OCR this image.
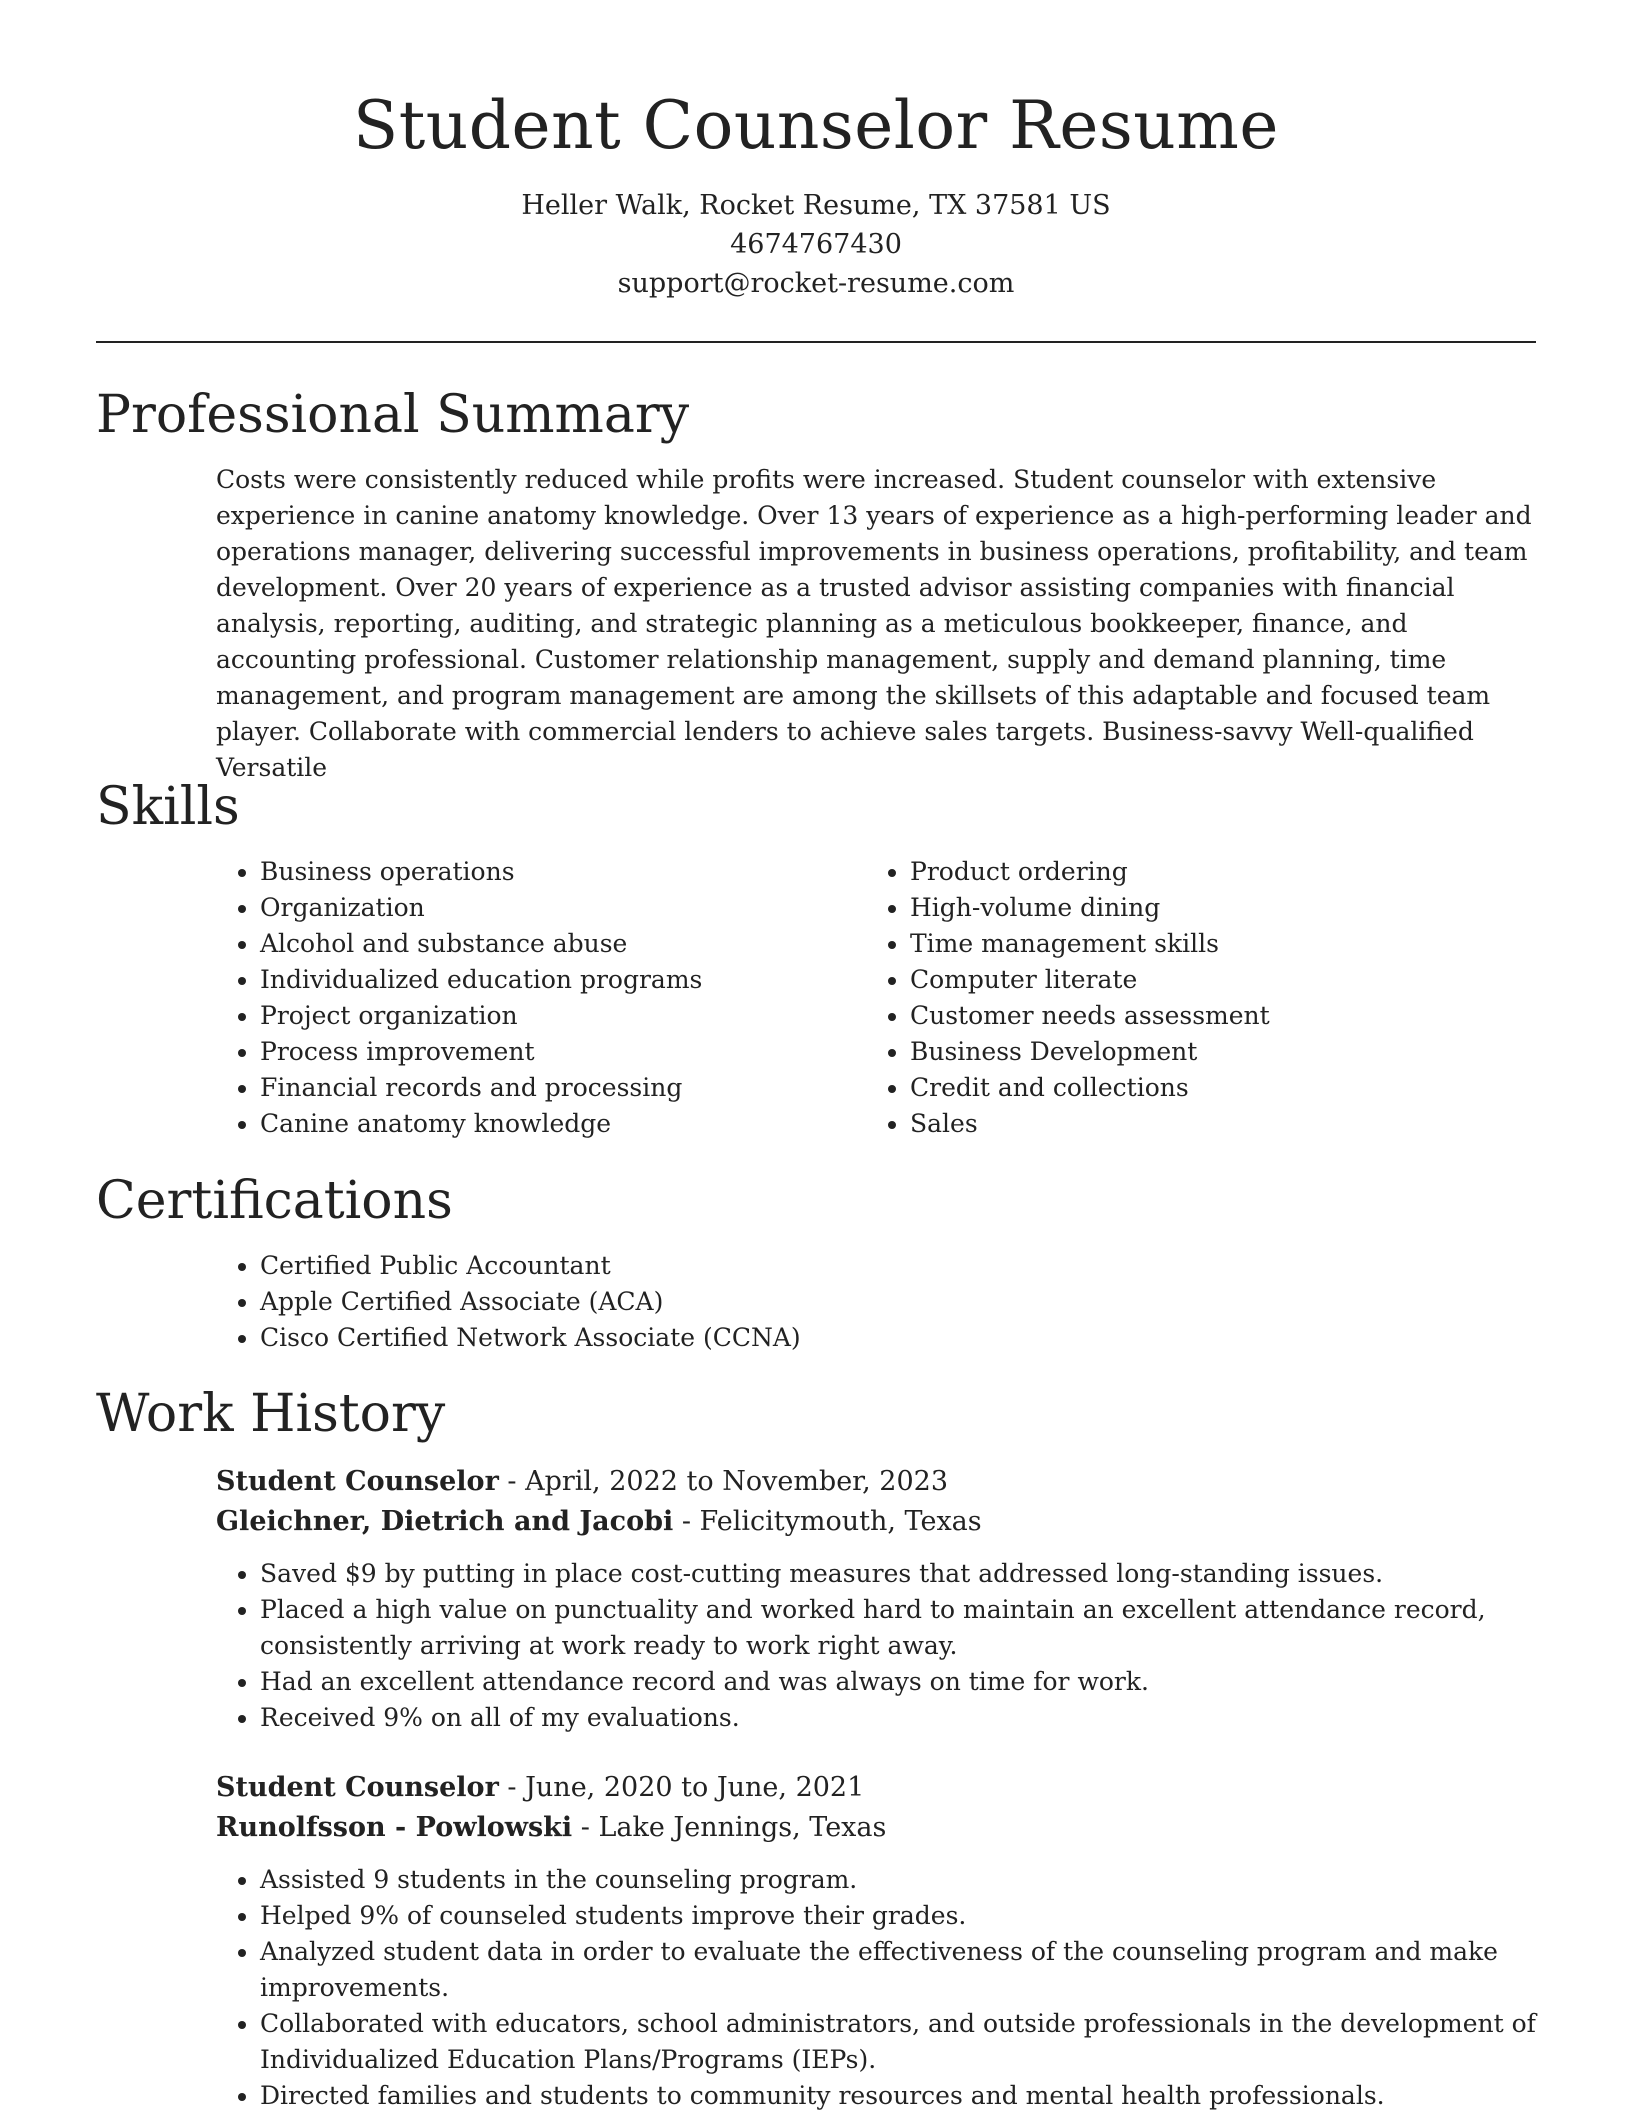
Student Counselor Resume
Heller Walk, Rocket Resume, TX 37581 US
4674767430
support@rocket-resume.com
Professional Summary

Costs were consistently reduced while profits were increased. Student counselor with extensive experience in canine anatomy knowledge. Over 13 years of experience as a high-performing leader and operations manager, delivering successful improvements in business operations, profitability, and team development. Over 20 years of experience as a trusted advisor assisting companies with financial analysis, reporting, auditing, and strategic planning as a meticulous bookkeeper, finance, and accounting professional. Customer relationship management, supply and demand planning, time management, and program management are among the skillsets of this adaptable and focused team player. Collaborate with commercial lenders to achieve sales targets. Business-savvy Well-qualified Versatile

Skills
• Business operations
• Organization
• Alcohol and substance abuse
• Individualized education programs
• Project organization
• Process improvement
• Financial records and processing
• Canine anatomy knowledge
• Product ordering
• High-volume dining
• Time management skills
• Computer literate
• Customer needs assessment
• Business Development
• Credit and collections
• Sales
Certifications
• Certified Public Accountant
• Apple Certified Associate (ACA)
• Cisco Certified Network Associate (CCNA)
Work History
Student Counselor - April, 2022 to November, 2023
Gleichner, Dietrich and Jacobi - Felicitymouth, Texas
• Saved $9 by putting in place cost-cutting measures that addressed long-standing issues.
• Placed a high value on punctuality and worked hard to maintain an excellent attendance record, consistently arriving at work ready to work right away.
• Had an excellent attendance record and was always on time for work.
• Received 9% on all of my evaluations.
Student Counselor - June, 2020 to June, 2021
Runolfsson - Powlowski - Lake Jennings, Texas
• Assisted 9 students in the counseling program.
• Helped 9% of counseled students improve their grades.
• Analyzed student data in order to evaluate the effectiveness of the counseling program and make improvements.
• Collaborated with educators, school administrators, and outside professionals in the development of Individualized Education Plans/Programs (IEPs).
• Directed families and students to community resources and mental health professionals.
